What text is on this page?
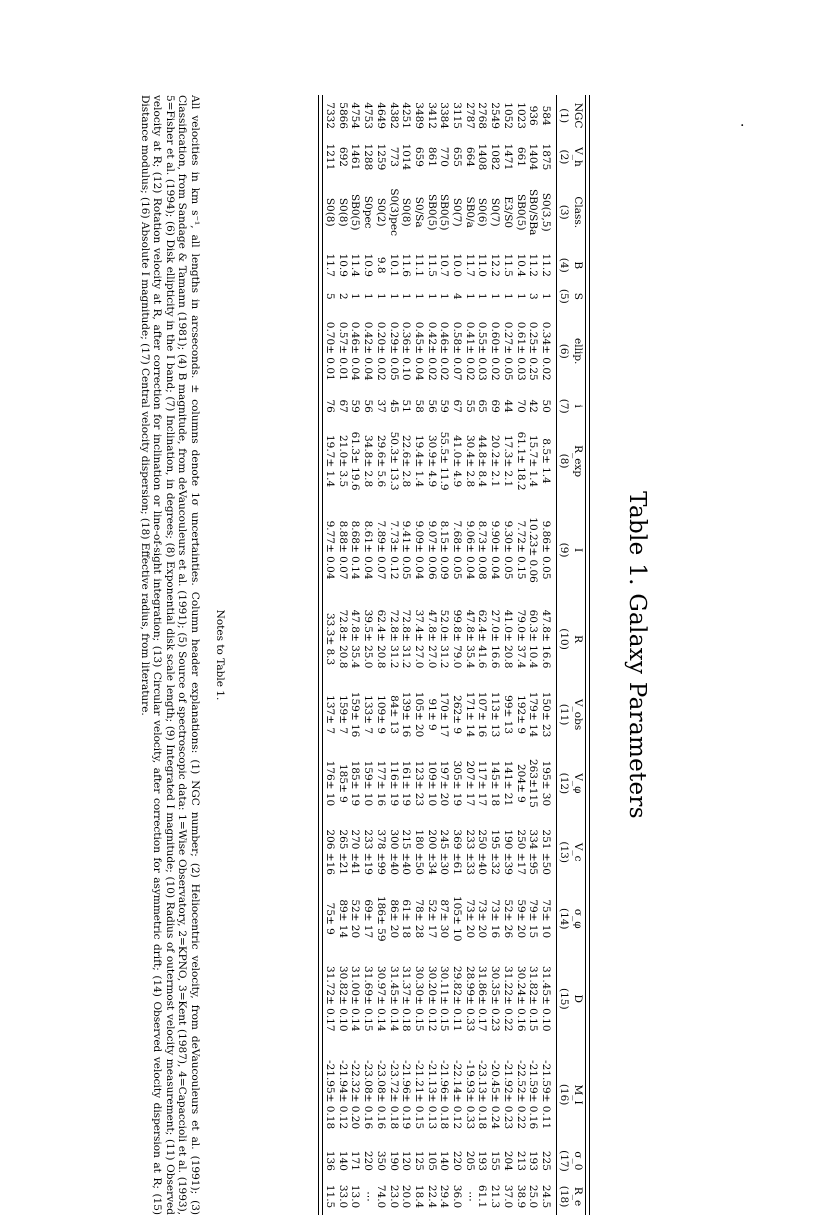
.
Table 1. Galaxy Parameters

NGC	V_h	Class.	B	S	ellip.	i	R_exp	I	R	V_obs	V_φ	V_c	σ_φ	D	M_I	σ_0	R_e
(1)	(2)	(3)	(4)	(5)	(6)	(7)	(8)	(9)	(10)	(11)	(12)	(13)	(14)	(15)	(16)	(17)	(18)

584	1875	S0(3,5)	11.2	1	0.34± 0.02	50	8.5± 1.4	9.86± 0.05	47.8± 16.6	150± 23	195± 30	251 ±50	75± 10	31.45± 0.10	-21.59± 0.11	225	24.5
936	1404	SB0/SBa	11.2	3	0.25± 0.25	42	15.7± 1.4	10.23± 0.06	60.3± 10.4	179± 14	263±115	334 ±95	79± 15	31.82± 0.15	-21.59± 0.16	193	25.0
1023	661	SB0(5)	10.4	1	0.61± 0.03	70	61.1± 18.2	7.72± 0.15	79.0± 37.4	192± 9	204± 9	250 ±17	59± 20	30.24± 0.16	-22.52± 0.22	213	38.9
1052	1471	E3/S0	11.5	1	0.27± 0.05	44	17.3± 2.1	9.30± 0.05	41.0± 20.8	99± 13	141± 21	190 ±39	52± 26	31.22± 0.22	-21.92± 0.23	204	37.0
2549	1082	S0(7)	12.2	1	0.60± 0.02	69	20.2± 2.1	9.90± 0.04	27.0± 16.6	113± 13	145± 18	195 ±32	73± 16	30.35± 0.23	-20.45± 0.24	155	21.3
2768	1408	S0(6)	11.0	1	0.55± 0.03	65	44.8± 8.4	8.73± 0.08	62.4± 41.6	107± 16	117± 17	250 ±40	73± 20	31.86± 0.17	-23.13± 0.18	193	61.1
2787	664	SB0/a	11.7	1	0.41± 0.02	55	30.4± 2.8	9.06± 0.04	47.8± 35.4	171± 14	207± 17	233 ±33	73± 20	28.99± 0.33	-19.93± 0.33	205	⋯
3115	655	S0(7)	10.0	4	0.58± 0.07	67	41.0± 4.9	7.68± 0.05	99.8± 79.0	262± 9	305± 19	369 ±61	105± 10	29.82± 0.11	-22.14± 0.12	220	36.0
3384	770	SB0(5)	10.7	1	0.46± 0.02	59	55.5± 11.9	8.15± 0.09	52.0± 31.2	170± 17	197± 20	245 ±30	87± 30	30.11± 0.15	-21.96± 0.18	140	29.4
3412	861	SB0(5)	11.5	1	0.42± 0.02	56	30.9± 4.9	9.07± 0.06	47.8± 27.0	91± 9	109± 10	200 ±34	52± 17	30.20± 0.12	-21.13± 0.13	105	22.4
3489	659	S0/Sa	11.1	1	0.45± 0.04	58	19.4± 1.4	9.09± 0.04	37.4± 27.0	105± 20	123± 23	180 ±50	78± 28	30.30± 0.15	-21.21± 0.15	125	18.4
4251	1014	S0(8)	11.6	1	0.36± 0.10	51	22.6± 2.8	9.41± 0.05	72.8± 31.2	139± 16	161± 19	215 ±40	61± 18	31.37± 0.18	-21.96± 0.19	120	20.0
4382	773	S0(3)pec	10.1	1	0.29± 0.05	45	50.3± 13.3	7.73± 0.12	72.8± 31.2	84± 13	116± 19	300 ±40	86± 20	31.45± 0.14	-23.72± 0.18	190	23.0
4649	1259	S0(2)	9.8	1	0.20± 0.02	37	29.6± 5.6	7.89± 0.07	62.4± 20.8	109± 9	177± 16	378 ±99	186± 59	30.97± 0.14	-23.08± 0.16	350	74.0
4753	1288	S0pec	10.9	1	0.42± 0.04	56	34.8± 2.8	8.61± 0.04	39.5± 25.0	133± 7	159± 10	233 ±19	69± 17	31.69± 0.15	-23.08± 0.16	220	⋯
4754	1461	SB0(5)	11.4	1	0.46± 0.04	59	61.3± 19.6	8.68± 0.14	47.8± 35.4	159± 16	185± 19	270 ±41	52± 20	31.00± 0.14	-22.32± 0.20	171	13.0
5866	692	S0(8)	10.9	2	0.57± 0.01	67	21.0± 3.5	8.88± 0.07	72.8± 20.8	159± 7	185± 9	265 ±21	89± 14	30.82± 0.10	-21.94± 0.12	140	33.0
7332	1211	S0(8)	11.7	5	0.70± 0.01	76	19.7± 1.4	9.77± 0.04	33.3± 8.3	137± 7	176± 10	206 ±16	75± 9	31.72± 0.17	-21.95± 0.18	136	11.5

Notes to Table 1.
All velocities in km s⁻¹, all lengths in arcseconds. ± columns denote 1σ uncertainties. Column header explanations: (1) NGC number; (2) Heliocentric velocity, from deVaucouleurs et al. (1991); (3) Classification, from Sandage & Tamann (1981); (4) B magnitude, from deVaucouleurs et al. (1991); (5) Source of spectroscopic data: 1=Wise Observatory, 2=KPNO, 3=Kent (1987), 4=Capaccioli et al. (1993), 5=Fisher et al. (1994); (6) Disk ellipticity in the I band; (7) Inclination, in degrees; (8) Exponential disk scale length; (9) Integrated I magnitude; (10) Radius of outermost velocity measurement; (11) Observed velocity at R; (12) Rotation velocity at R, after correction for inclination or line-of-sight integration; (13) Circular velocity, after correction for asymmetric drift; (14) Observed velocity dispersion at R; (15) Distance modulus; (16) Absolute I magnitude; (17) Central velocity dispersion; (18) Effective radius, from literature.
